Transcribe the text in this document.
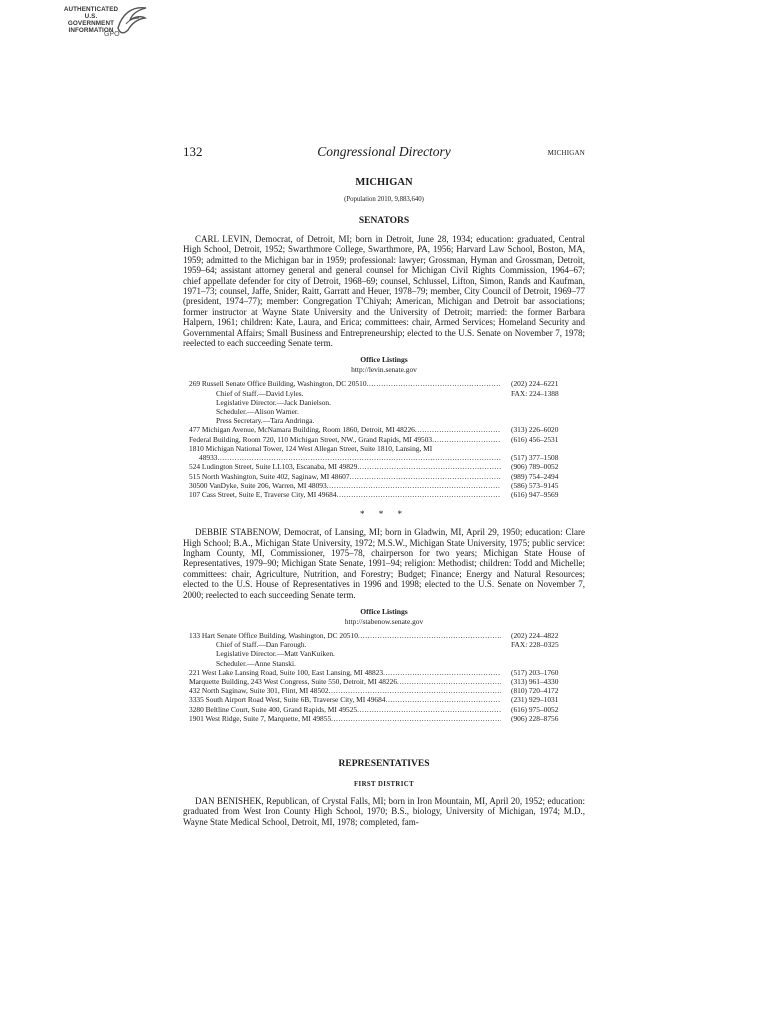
AUTHENTICATED
U.S. GOVERNMENT
INFORMATION
GPO
132	Congressional Directory	MICHIGAN
MICHIGAN
(Population 2010, 9,883,640)
SENATORS

CARL LEVIN, Democrat, of Detroit, MI; born in Detroit, June 28, 1934; education: graduated, Central High School, Detroit, 1952; Swarthmore College, Swarthmore, PA, 1956; Harvard Law School, Boston, MA, 1959; admitted to the Michigan bar in 1959; professional: lawyer; Grossman, Hyman and Grossman, Detroit, 1959–64; assistant attorney general and general counsel for Michigan Civil Rights Commission, 1964–67; chief appellate defender for city of Detroit, 1968–69; counsel, Schlussel, Lifton, Simon, Rands and Kaufman, 1971–73; counsel, Jaffe, Snider, Raitt, Garratt and Heuer, 1978–79; member, City Council of Detroit, 1969–77 (president, 1974–77); member: Congregation T'Chiyah; American, Michigan and Detroit bar associations; former instructor at Wayne State University and the University of Detroit; married: the former Barbara Halpern, 1961; children: Kate, Laura, and Erica; committees: chair, Armed Services; Homeland Security and Governmental Affairs; Small Business and Entrepreneurship; elected to the U.S. Senate on November 7, 1978; reelected to each succeeding Senate term.

Office Listings
http://levin.senate.gov
269 Russell Senate Office Building, Washington, DC 20510 .....	(202) 224–6221
Chief of Staff.—David Lyles.	FAX: 224–1388
Legislative Director.—Jack Danielson.
Scheduler.—Alison Warner.
Press Secretary.—Tara Andringa.
477 Michigan Avenue, McNamara Building, Room 1860, Detroit, MI 48226 .....	(313) 226–6020
Federal Building, Room 720, 110 Michigan Street, NW., Grand Rapids, MI 49503 .....	(616) 456–2531
1810 Michigan National Tower, 124 West Allegan Street, Suite 1810, Lansing, MI
48933 .....	(517) 377–1508
524 Ludington Street, Suite LL103, Escanaba, MI 49829 .....	(906) 789–0052
515 North Washington, Suite 402, Saginaw, MI 48607 .....	(989) 754–2494
30500 VanDyke, Suite 206, Warren, MI 48093 .....	(586) 573–9145
107 Cass Street, Suite E, Traverse City, MI 49684 .....	(616) 947–9569
* * *

DEBBIE STABENOW, Democrat, of Lansing, MI; born in Gladwin, MI, April 29, 1950; education: Clare High School; B.A., Michigan State University, 1972; M.S.W., Michigan State University, 1975; public service: Ingham County, MI, Commissioner, 1975–78, chairperson for two years; Michigan State House of Representatives, 1979–90; Michigan State Senate, 1991–94; religion: Methodist; children: Todd and Michelle; committees: chair, Agriculture, Nutrition, and Forestry; Budget; Finance; Energy and Natural Resources; elected to the U.S. House of Representatives in 1996 and 1998; elected to the U.S. Senate on November 7, 2000; reelected to each succeeding Senate term.

Office Listings
http://stabenow.senate.gov
133 Hart Senate Office Building, Washington, DC 20510 .....	(202) 224–4822
Chief of Staff.—Dan Farough.	FAX: 228–0325
Legislative Director.—Matt VanKuiken.
Scheduler.—Anne Stanski.
221 West Lake Lansing Road, Suite 100, East Lansing, MI 48823 .....	(517) 203–1760
Marquette Building, 243 West Congress, Suite 550, Detroit, MI 48226 .....	(313) 961–4330
432 North Saginaw, Suite 301, Flint, MI 48502 .....	(810) 720–4172
3335 South Airport Road West, Suite 6B, Traverse City, MI 49684 .....	(231) 929–1031
3280 Beltline Court, Suite 400, Grand Rapids, MI 49525 .....	(616) 975–0052
1901 West Ridge, Suite 7, Marquette, MI 49855 .....	(906) 228–8756
REPRESENTATIVES
FIRST DISTRICT

DAN BENISHEK, Republican, of Crystal Falls, MI; born in Iron Mountain, MI, April 20, 1952; education: graduated from West Iron County High School, 1970; B.S., biology, University of Michigan, 1974; M.D., Wayne State Medical School, Detroit, MI, 1978; completed, fam-
